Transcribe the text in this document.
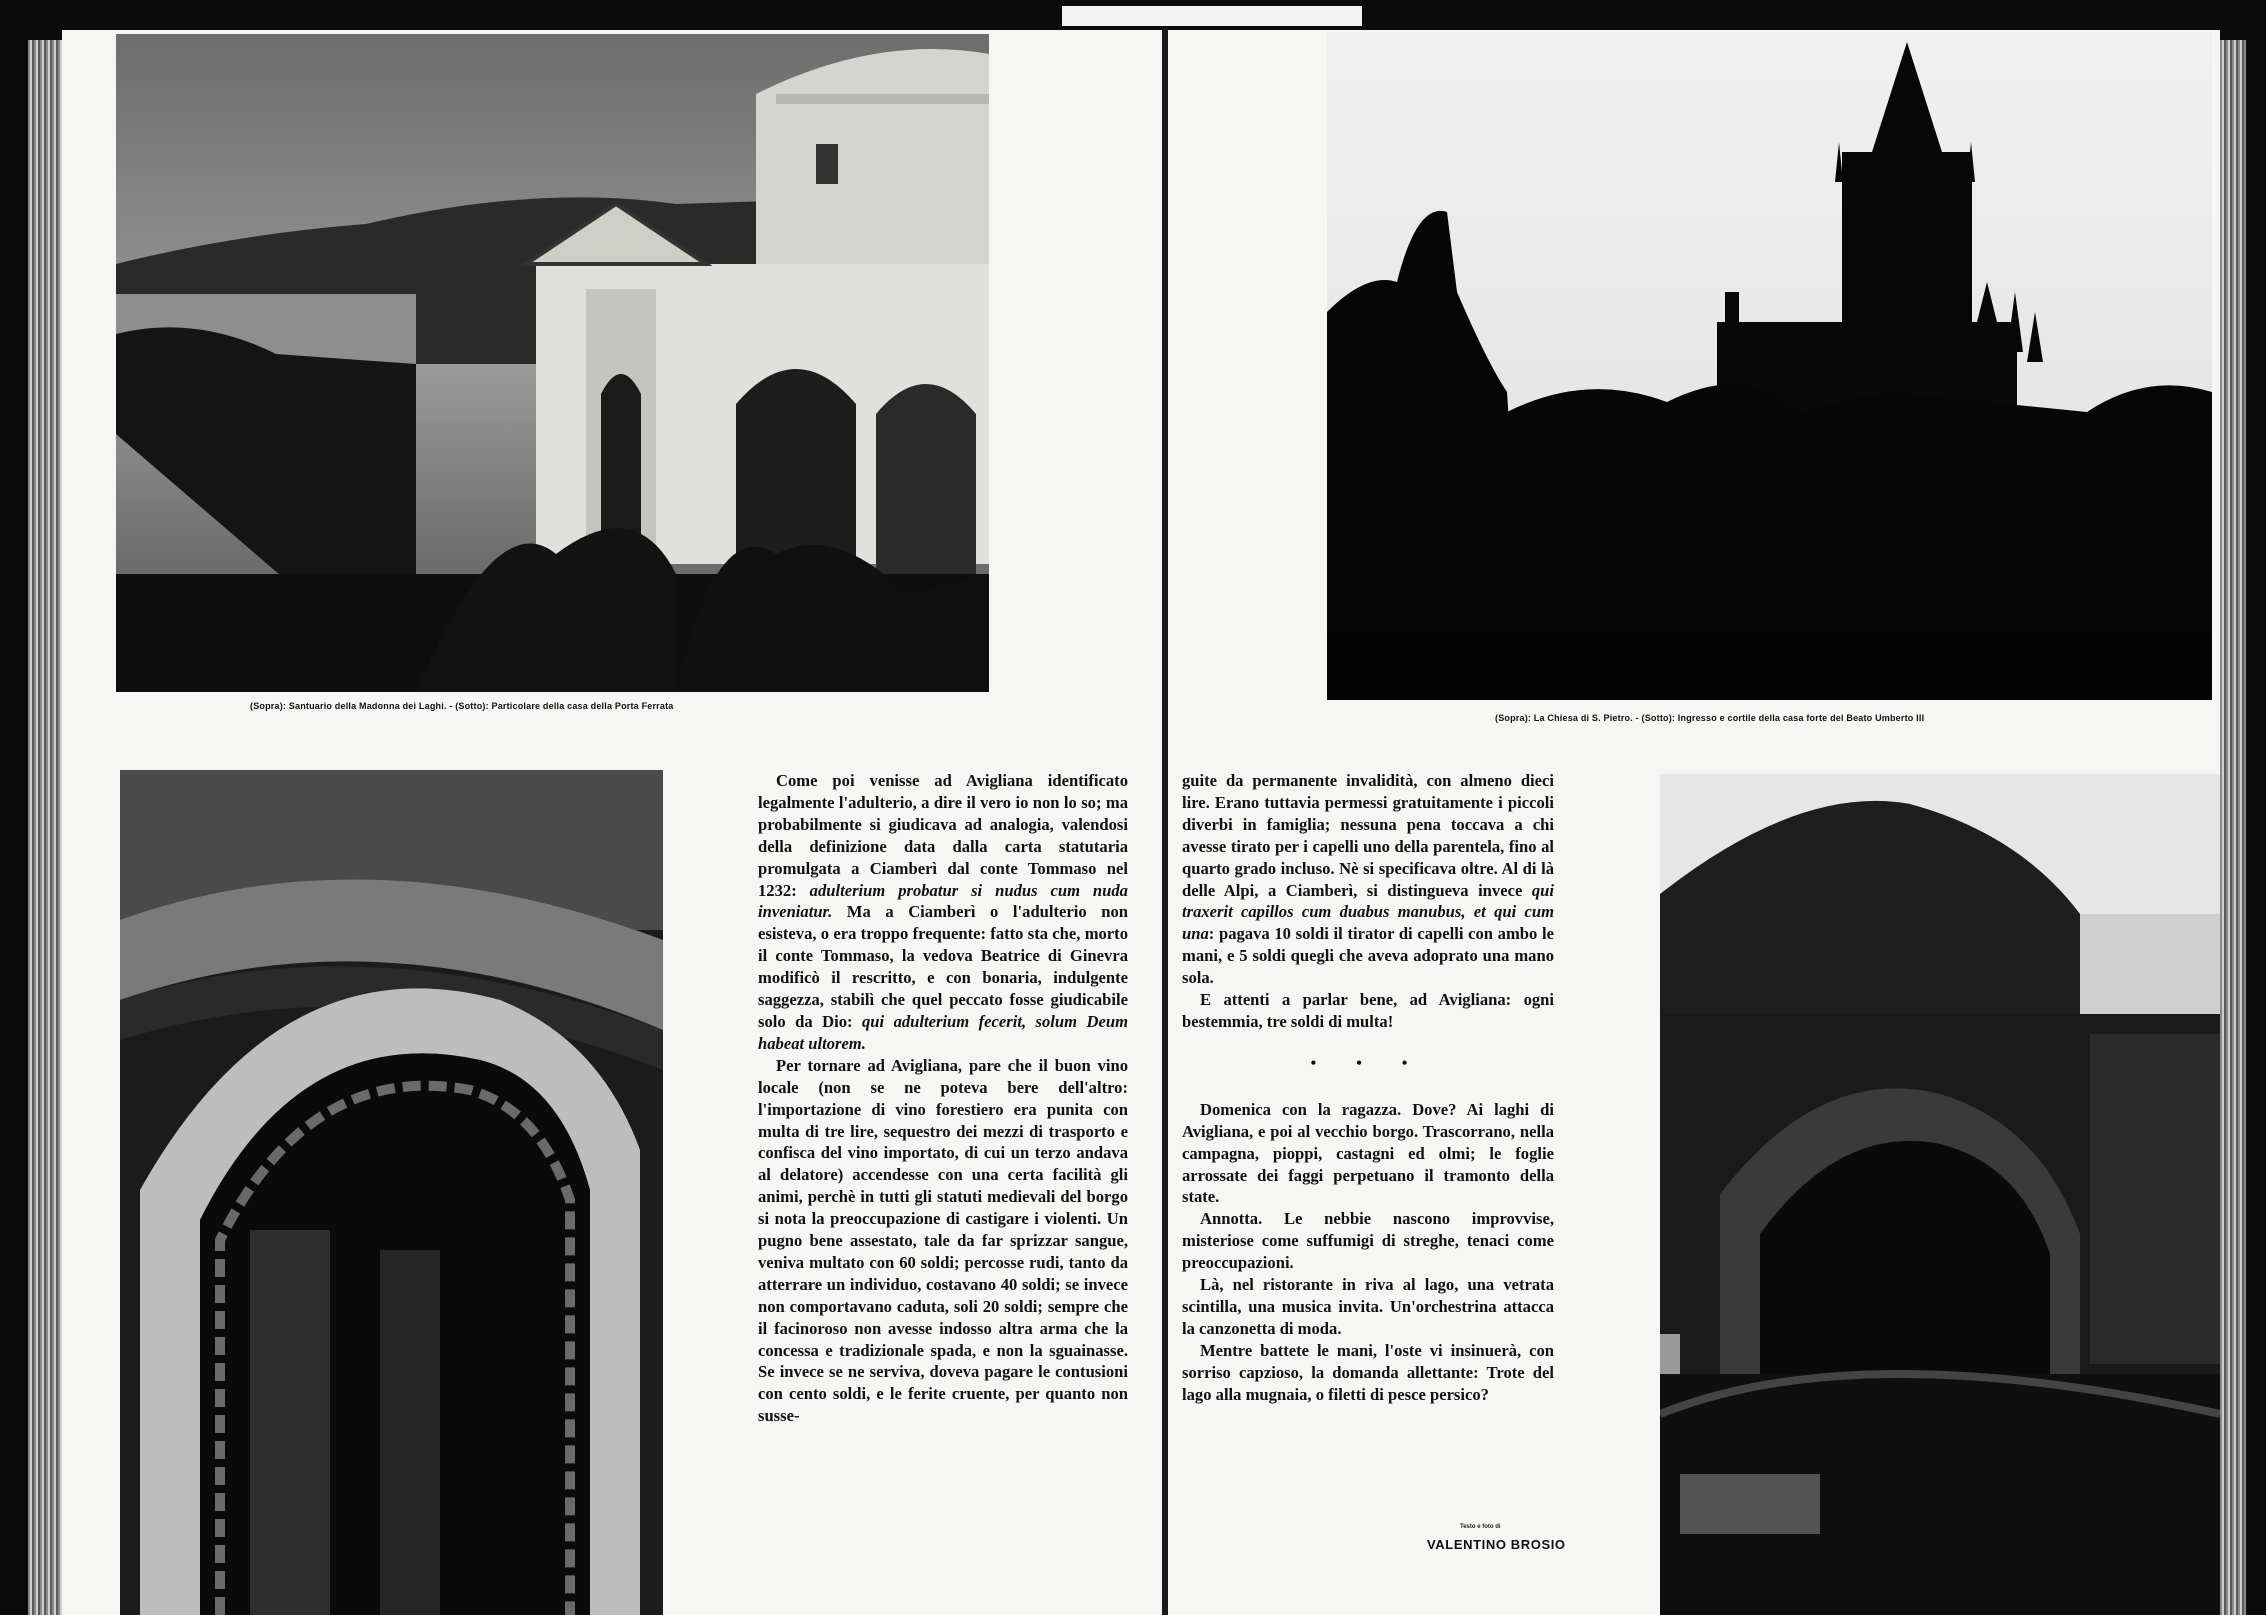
(Sopra): Santuario della Madonna dei Laghi. - (Sotto): Particolare della casa della Porta Ferrata

Come poi venisse ad Avigliana identificato legalmente l'adulterio, a dire il vero io non lo so; ma probabilmente si giudicava ad analogia, valendosi della definizione data dalla carta statutaria promulgata a Ciamberì dal conte Tommaso nel 1232: adulterium probatur si nudus cum nuda inveniatur. Ma a Ciamberì o l'adulterio non esisteva, o era troppo frequente: fatto sta che, morto il conte Tommaso, la vedova Beatrice di Ginevra modificò il rescritto, e con bonaria, indulgente saggezza, stabilì che quel peccato fosse giudicabile solo da Dio: qui adulterium fecerit, solum Deum habeat ultorem.

Per tornare ad Avigliana, pare che il buon vino locale (non se ne poteva bere dell'altro: l'importazione di vino forestiero era punita con multa di tre lire, sequestro dei mezzi di trasporto e confisca del vino importato, di cui un terzo andava al delatore) accendesse con una certa facilità gli animi, perchè in tutti gli statuti medievali del borgo si nota la preoccupazione di castigare i violenti. Un pugno bene assestato, tale da far sprizzar sangue, veniva multato con 60 soldi; percosse rudi, tanto da atterrare un individuo, costavano 40 soldi; se invece non comportavano caduta, soli 20 soldi; sempre che il facinoroso non avesse indosso altra arma che la concessa e tradizionale spada, e non la sguainasse. Se invece se ne serviva, doveva pagare le contusioni con cento soldi, e le ferite cruente, per quanto non susse-

(Sopra): La Chiesa di S. Pietro. - (Sotto): Ingresso e cortile della casa forte del Beato Umberto III

guite da permanente invalidità, con almeno dieci lire. Erano tuttavia permessi gratuitamente i piccoli diverbi in famiglia; nessuna pena toccava a chi avesse tirato per i capelli uno della parentela, fino al quarto grado incluso. Nè si specificava oltre. Al di là delle Alpi, a Ciamberì, si distingueva invece qui traxerit capillos cum duabus manubus, et qui cum una: pagava 10 soldi il tirator di capelli con ambo le mani, e 5 soldi quegli che aveva adoprato una mano sola.

E attenti a parlar bene, ad Avigliana: ogni bestemmia, tre soldi di multa!

• • •

Domenica con la ragazza. Dove? Ai laghi di Avigliana, e poi al vecchio borgo. Trascorrano, nella campagna, pioppi, castagni ed olmi; le foglie arrossate dei faggi perpetuano il tramonto della state.

Annotta. Le nebbie nascono improvvise, misteriose come suffumigi di streghe, tenaci come preoccupazioni.

Là, nel ristorante in riva al lago, una vetrata scintilla, una musica invita. Un'orchestrina attacca la canzonetta di moda.

Mentre battete le mani, l'oste vi insinuerà, con sorriso capzioso, la domanda allettante: Trote del lago alla mugnaia, o filetti di pesce persico?

Testo e foto di
VALENTINO BROSIO
